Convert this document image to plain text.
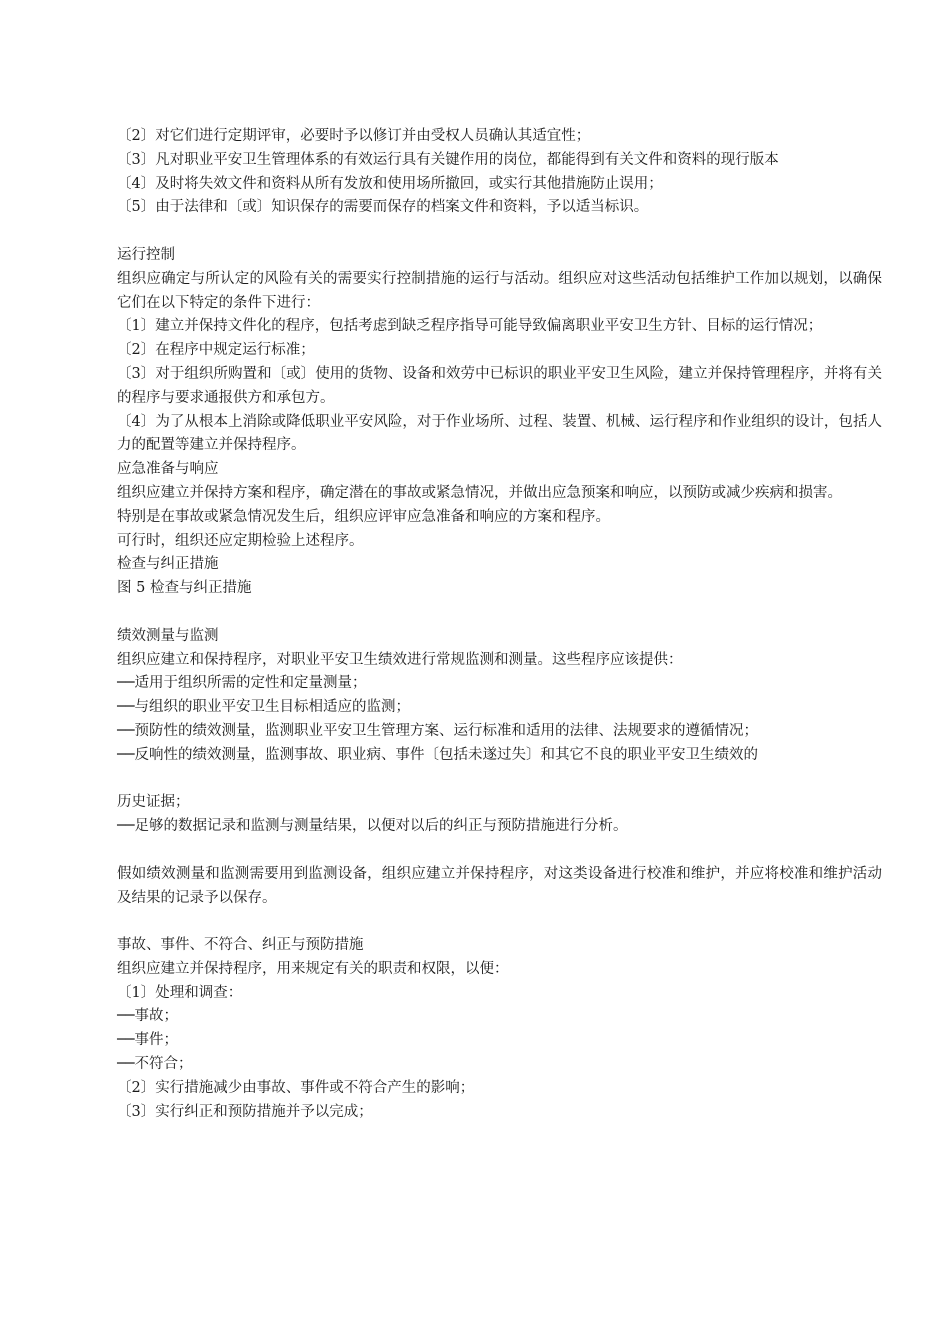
〔2〕对它们进行定期评审，必要时予以修订并由受权人员确认其适宜性；
〔3〕凡对职业平安卫生管理体系的有效运行具有关键作用的岗位，都能得到有关文件和资料的现行版本
〔4〕及时将失效文件和资料从所有发放和使用场所撤回，或实行其他措施防止误用；
〔5〕由于法律和〔或〕知识保存的需要而保存的档案文件和资料，予以适当标识。
运行控制
组织应确定与所认定的风险有关的需要实行控制措施的运行与活动。组织应对这些活动包括维护工作加以规划，以确保它们在以下特定的条件下进行：
〔1〕建立并保持文件化的程序，包括考虑到缺乏程序指导可能导致偏离职业平安卫生方针、目标的运行情况；
〔2〕在程序中规定运行标准；
〔3〕对于组织所购置和〔或〕使用的货物、设备和效劳中已标识的职业平安卫生风险，建立并保持管理程序，并将有关的程序与要求通报供方和承包方。
〔4〕为了从根本上消除或降低职业平安风险，对于作业场所、过程、装置、机械、运行程序和作业组织的设计，包括人力的配置等建立并保持程序。
应急准备与响应
组织应建立并保持方案和程序，确定潜在的事故或紧急情况，并做出应急预案和响应，以预防或减少疾病和损害。
特别是在事故或紧急情况发生后，组织应评审应急准备和响应的方案和程序。
可行时，组织还应定期检验上述程序。
检查与纠正措施
图 5 检查与纠正措施
绩效测量与监测
组织应建立和保持程序，对职业平安卫生绩效进行常规监测和测量。这些程序应该提供：
──适用于组织所需的定性和定量测量；
──与组织的职业平安卫生目标相适应的监测；
──预防性的绩效测量，监测职业平安卫生管理方案、运行标准和适用的法律、法规要求的遵循情况；
──反响性的绩效测量，监测事故、职业病、事件〔包括未遂过失〕和其它不良的职业平安卫生绩效的
历史证据；
──足够的数据记录和监测与测量结果，以便对以后的纠正与预防措施进行分析。
假如绩效测量和监测需要用到监测设备，组织应建立并保持程序，对这类设备进行校准和维护，并应将校准和维护活动及结果的记录予以保存。
事故、事件、不符合、纠正与预防措施
组织应建立并保持程序，用来规定有关的职责和权限，以便：
〔1〕处理和调查：
──事故；
──事件；
──不符合；
〔2〕实行措施减少由事故、事件或不符合产生的影响；
〔3〕实行纠正和预防措施并予以完成；
